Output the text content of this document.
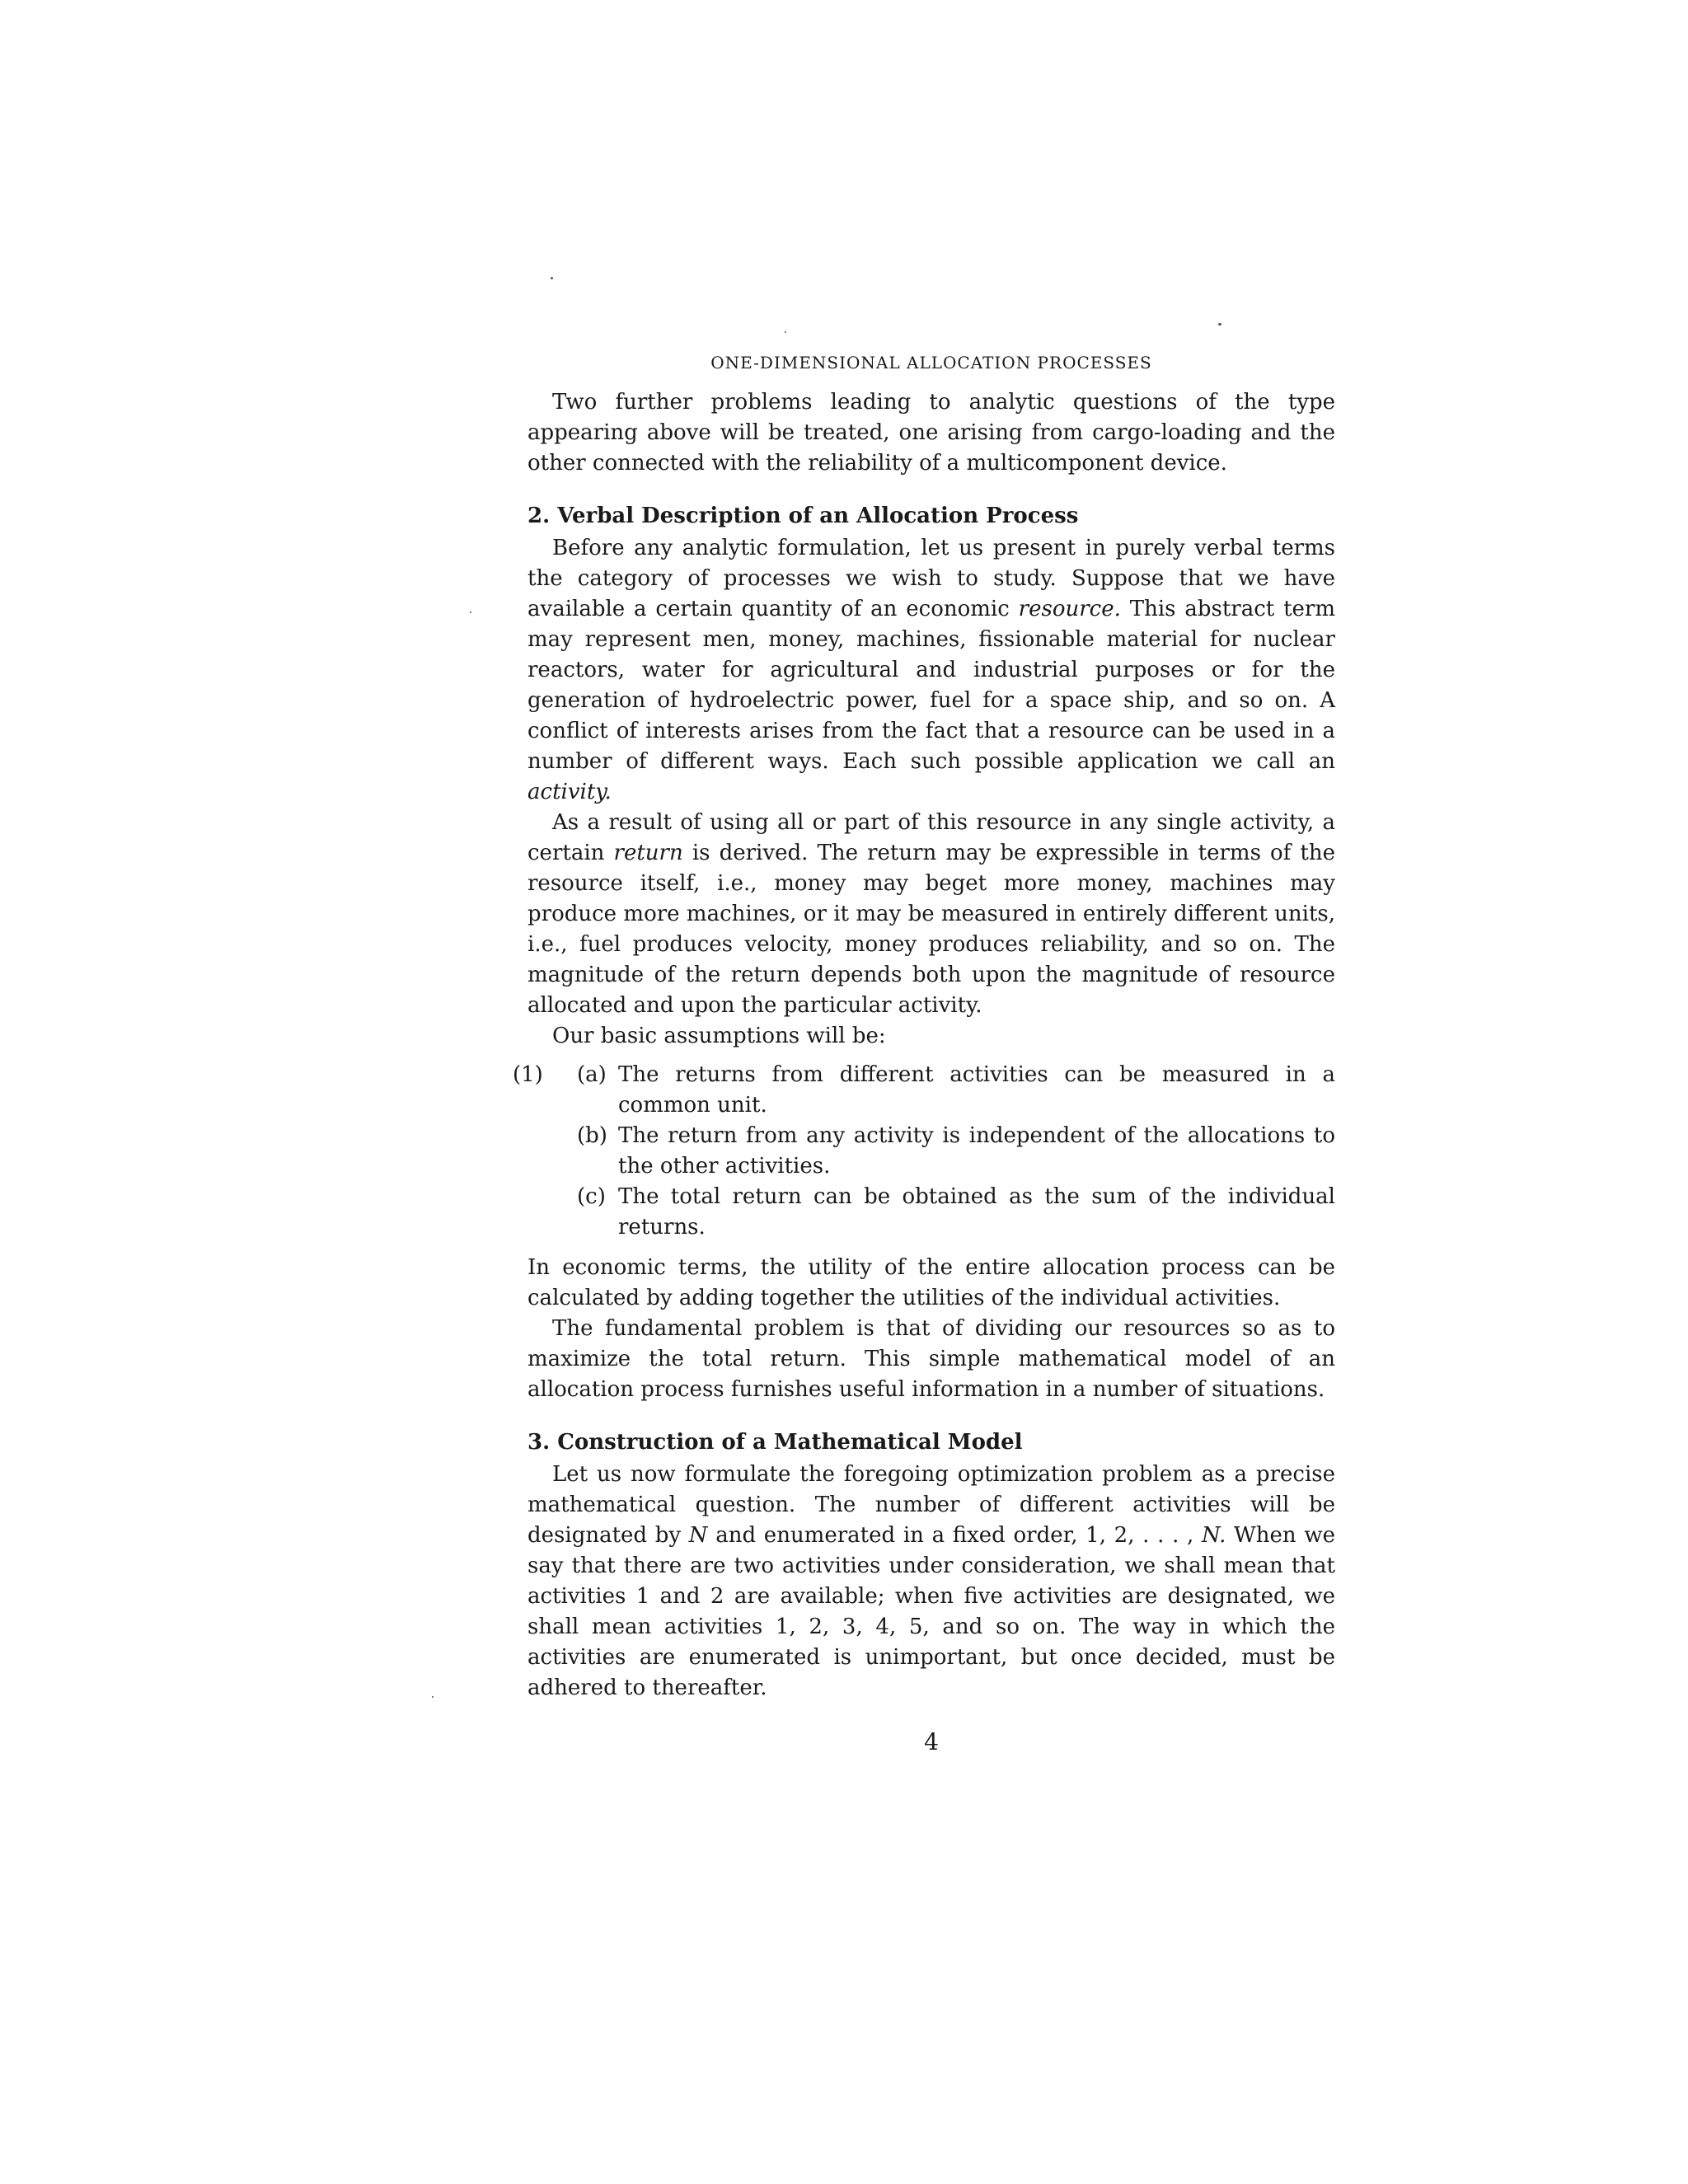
ONE-DIMENSIONAL ALLOCATION PROCESSES

Two further problems leading to analytic questions of the type appearing above will be treated, one arising from cargo-loading and the other connected with the reliability of a multicomponent device.

2. Verbal Description of an Allocation Process

Before any analytic formulation, let us present in purely verbal terms the category of processes we wish to study. Suppose that we have available a certain quantity of an economic resource. This abstract term may represent men, money, machines, fissionable material for nuclear reactors, water for agricultural and industrial purposes or for the generation of hydroelectric power, fuel for a space ship, and so on. A conflict of interests arises from the fact that a resource can be used in a number of different ways. Each such possible application we call an activity.

As a result of using all or part of this resource in any single activity, a certain return is derived. The return may be expressible in terms of the resource itself, i.e., money may beget more money, machines may produce more machines, or it may be measured in entirely different units, i.e., fuel produces velocity, money produces reliability, and so on. The magnitude of the return depends both upon the magnitude of resource allocated and upon the particular activity.

Our basic assumptions will be:

(1) (a) The returns from different activities can be measured in a common unit.
(b) The return from any activity is independent of the allocations to the other activities.
(c) The total return can be obtained as the sum of the individual returns.

In economic terms, the utility of the entire allocation process can be calculated by adding together the utilities of the individual activities.

The fundamental problem is that of dividing our resources so as to maximize the total return. This simple mathematical model of an allocation process furnishes useful information in a number of situations.

3. Construction of a Mathematical Model

Let us now formulate the foregoing optimization problem as a precise mathematical question. The number of different activities will be designated by N and enumerated in a fixed order, 1, 2, . . . , N. When we say that there are two activities under consideration, we shall mean that activities 1 and 2 are available; when five activities are designated, we shall mean activities 1, 2, 3, 4, 5, and so on. The way in which the activities are enumerated is unimportant, but once decided, must be adhered to thereafter.

4
